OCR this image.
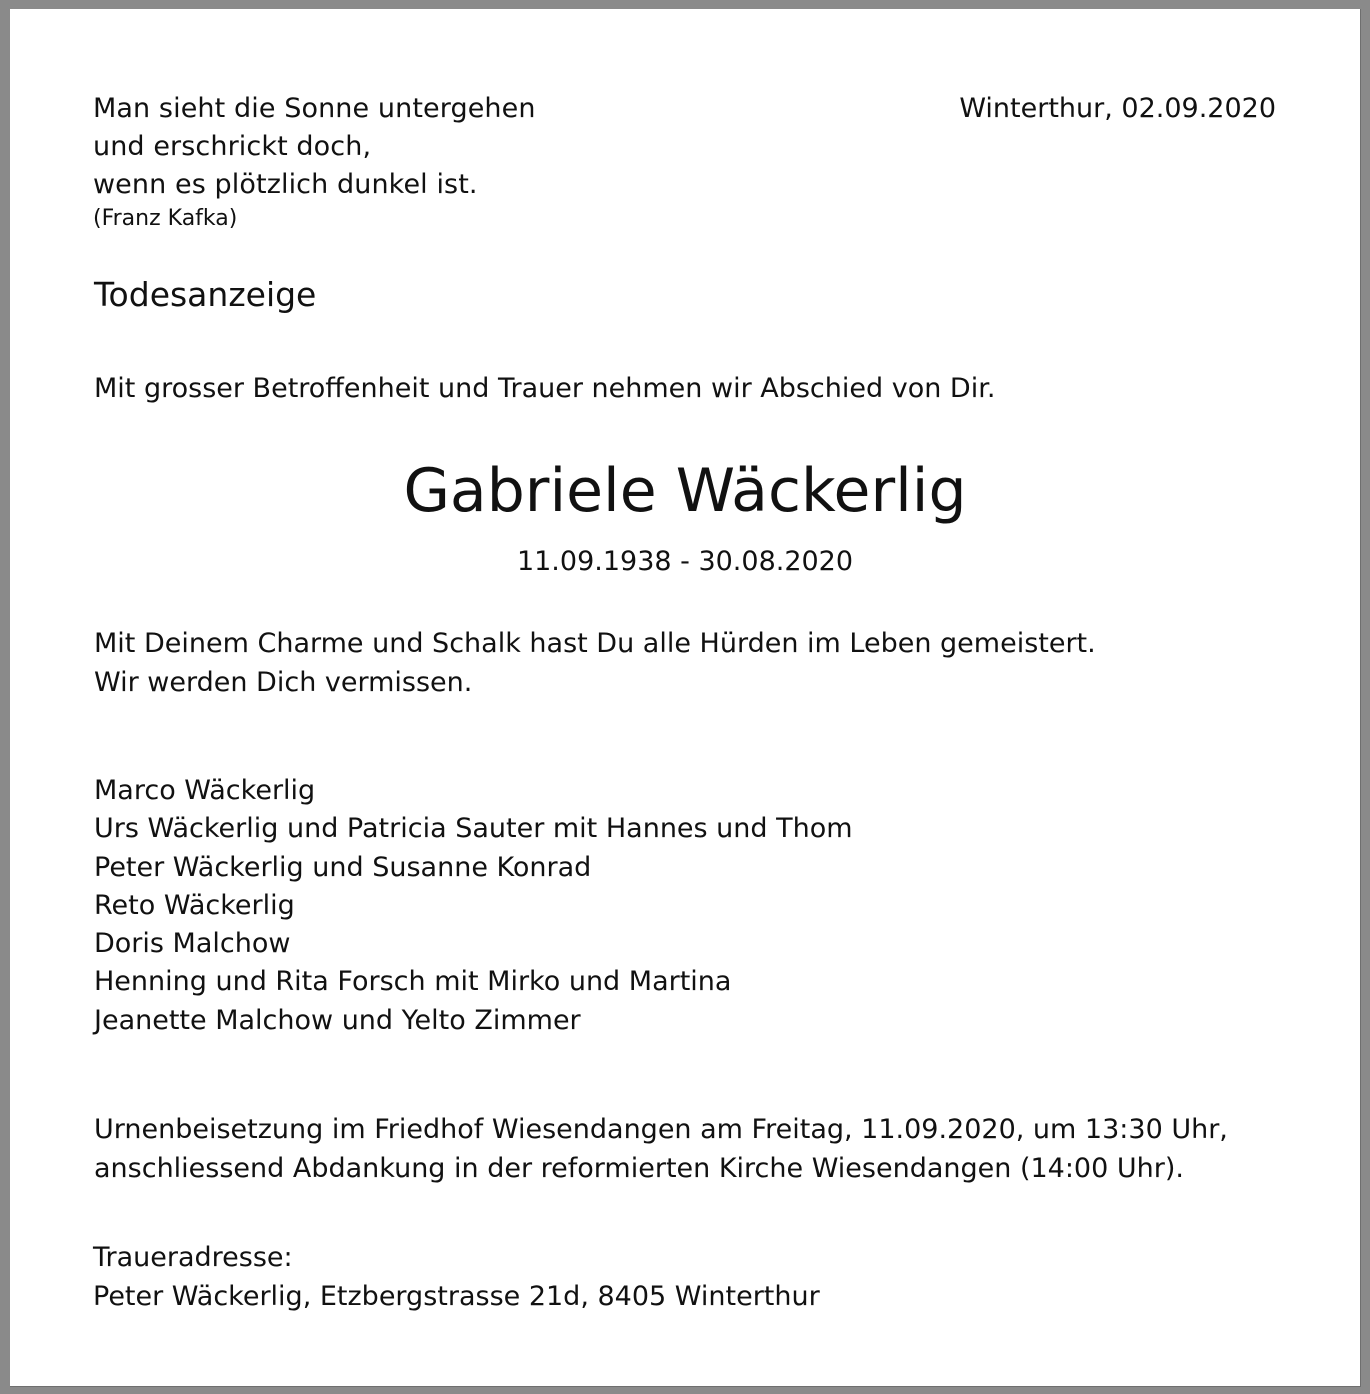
Man sieht die Sonne untergehen
und erschrickt doch,
wenn es plötzlich dunkel ist.
(Franz Kafka)
Winterthur, 02.09.2020
Todesanzeige
Mit grosser Betroffenheit und Trauer nehmen wir Abschied von Dir.
Gabriele Wäckerlig
11.09.1938 - 30.08.2020
Mit Deinem Charme und Schalk hast Du alle Hürden im Leben gemeistert.
Wir werden Dich vermissen.
Marco Wäckerlig
Urs Wäckerlig und Patricia Sauter mit Hannes und Thom
Peter Wäckerlig und Susanne Konrad
Reto Wäckerlig
Doris Malchow
Henning und Rita Forsch mit Mirko und Martina
Jeanette Malchow und Yelto Zimmer
Urnenbeisetzung im Friedhof Wiesendangen am Freitag, 11.09.2020, um 13:30 Uhr,
anschliessend Abdankung in der reformierten Kirche Wiesendangen (14:00 Uhr).
Traueradresse:
Peter Wäckerlig, Etzbergstrasse 21d, 8405 Winterthur
